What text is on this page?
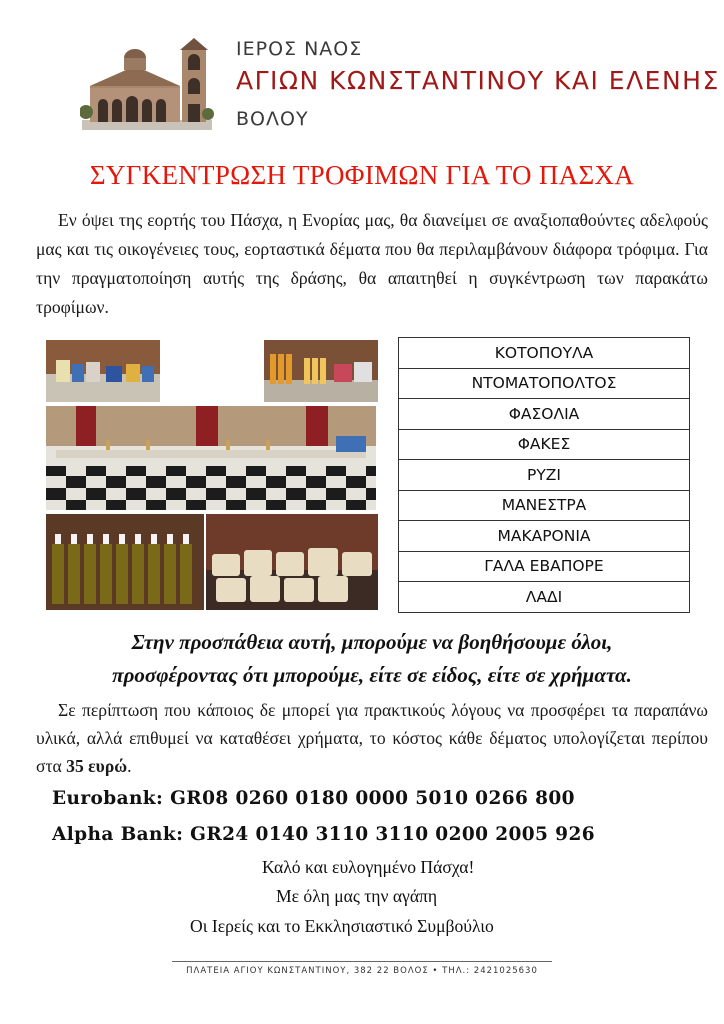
ΙΕΡΟΣ ΝΑΟΣ
ΑΓΙΩΝ ΚΩΝΣΤΑΝΤΙΝΟΥ ΚΑΙ ΕΛΕΝΗΣ
ΒΟΛΟΥ
ΣΥΓΚΕΝΤΡΩΣΗ ΤΡΟΦΙΜΩΝ ΓΙΑ ΤΟ ΠΑΣΧΑ
Εν όψει της εορτής του Πάσχα, η Ενορίας μας, θα διανείμει σε αναξιοπαθούντες αδελφούς μας και τις οικογένειες τους, εορταστικά δέματα που θα περιλαμβάνουν διάφορα τρόφιμα. Για την πραγματοποίηση αυτής της δράσης, θα απαιτηθεί η συγκέντρωση των παρακάτω τροφίμων.
ΚΟΤΟΠΟΥΛΑ
ΝΤΟΜΑΤΟΠΟΛΤΟΣ
ΦΑΣΟΛΙΑ
ΦΑΚΕΣ
ΡΥΖΙ
ΜΑΝΕΣΤΡΑ
ΜΑΚΑΡΟΝΙΑ
ΓΑΛΑ ΕΒΑΠΟΡΕ
ΛΑΔΙ
Στην προσπάθεια αυτή, μπορούμε να βοηθήσουμε όλοι,
προσφέροντας ότι μπορούμε, είτε σε είδος, είτε σε χρήματα.
Σε περίπτωση που κάποιος δε μπορεί για πρακτικούς λόγους να προσφέρει τα παραπάνω υλικά, αλλά επιθυμεί να καταθέσει χρήματα, το κόστος κάθε δέματος υπολογίζεται περίπου στα 35 ευρώ.
Eurobank: GR08 0260 0180 0000 5010 0266 800
Alpha Bank: GR24 0140 3110 3110 0200 2005 926
Καλό και ευλογημένο Πάσχα!
Με όλη μας την αγάπη
Οι Ιερείς και το Εκκλησιαστικό Συμβούλιο
ΠΛΑΤΕΙΑ ΑΓΙΟΥ ΚΩΝΣΤΑΝΤΙΝΟΥ, 382 22 ΒΟΛΟΣ • ΤΗΛ.: 2421025630
